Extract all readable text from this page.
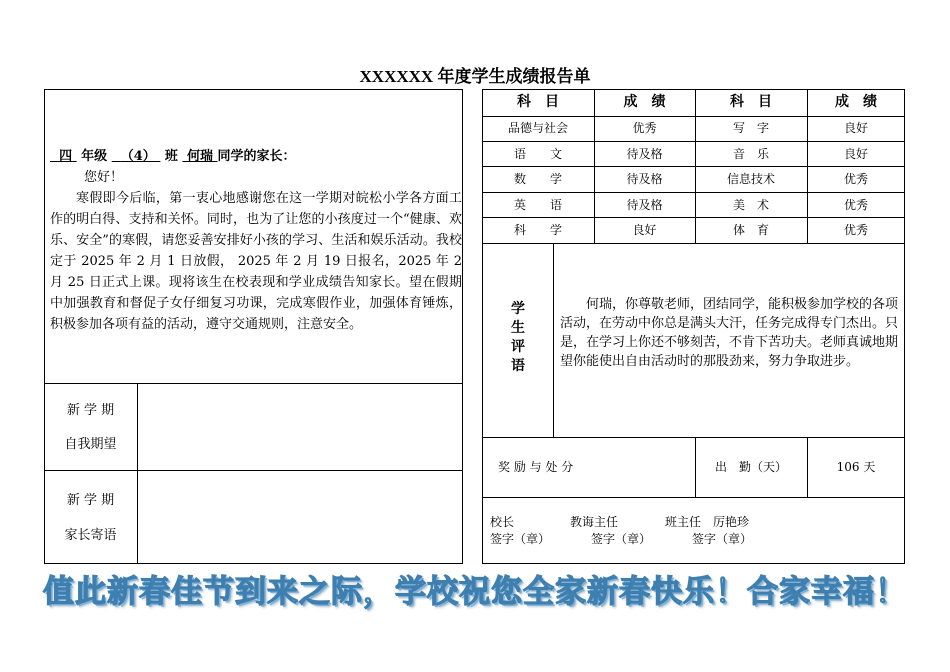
XXXXXX 年度学生成绩报告单
四 年级 （4） 班 何瑞 同学的家长：
您好！

寒假即今后临，第一衷心地感谢您在这一学期对皖松小学各方面工作的明白得、支持和关怀。同时，也为了让您的小孩度过一个“健康、欢乐、安全”的寒假，请您妥善安排好小孩的学习、生活和娱乐活动。我校定于 2025 年 2 月 1 日放假， 2025 年 2 月 19 日报名，2025 年 2 月 25 日正式上课。现将该生在校表现和学业成绩告知家长。望在假期中加强教育和督促子女仔细复习功课，完成寒假作业，加强体育锤炼，积极参加各项有益的活动，遵守交通规则，注意安全。

新 学 期
自我期望
新 学 期
家长寄语
科　目	成　绩	科　目	成　绩
品德与社会	优秀	写　字	良好
语　　文	待及格	音　乐	良好
数　　学	待及格	信息技术	优秀
英　　语	待及格	美　术	优秀
科　　学	良好	体　育	优秀
学生评语
何瑞，你尊敬老师，团结同学，能积极参加学校的各项活动，在劳动中你总是满头大汗，任务完成得专门杰出。只是，在学习上你还不够刻苦，不肯下苦功夫。老师真诚地期望你能使出自由活动时的那股劲来，努力争取进步。
奖 励 与 处 分	出　勤（天）	106 天
校长	教诲主任	班主任　厉艳珍
签字（章）	签字（章）	签字（章）
值此新春佳节到来之际，学校祝您全家新春快乐！合家幸福！
